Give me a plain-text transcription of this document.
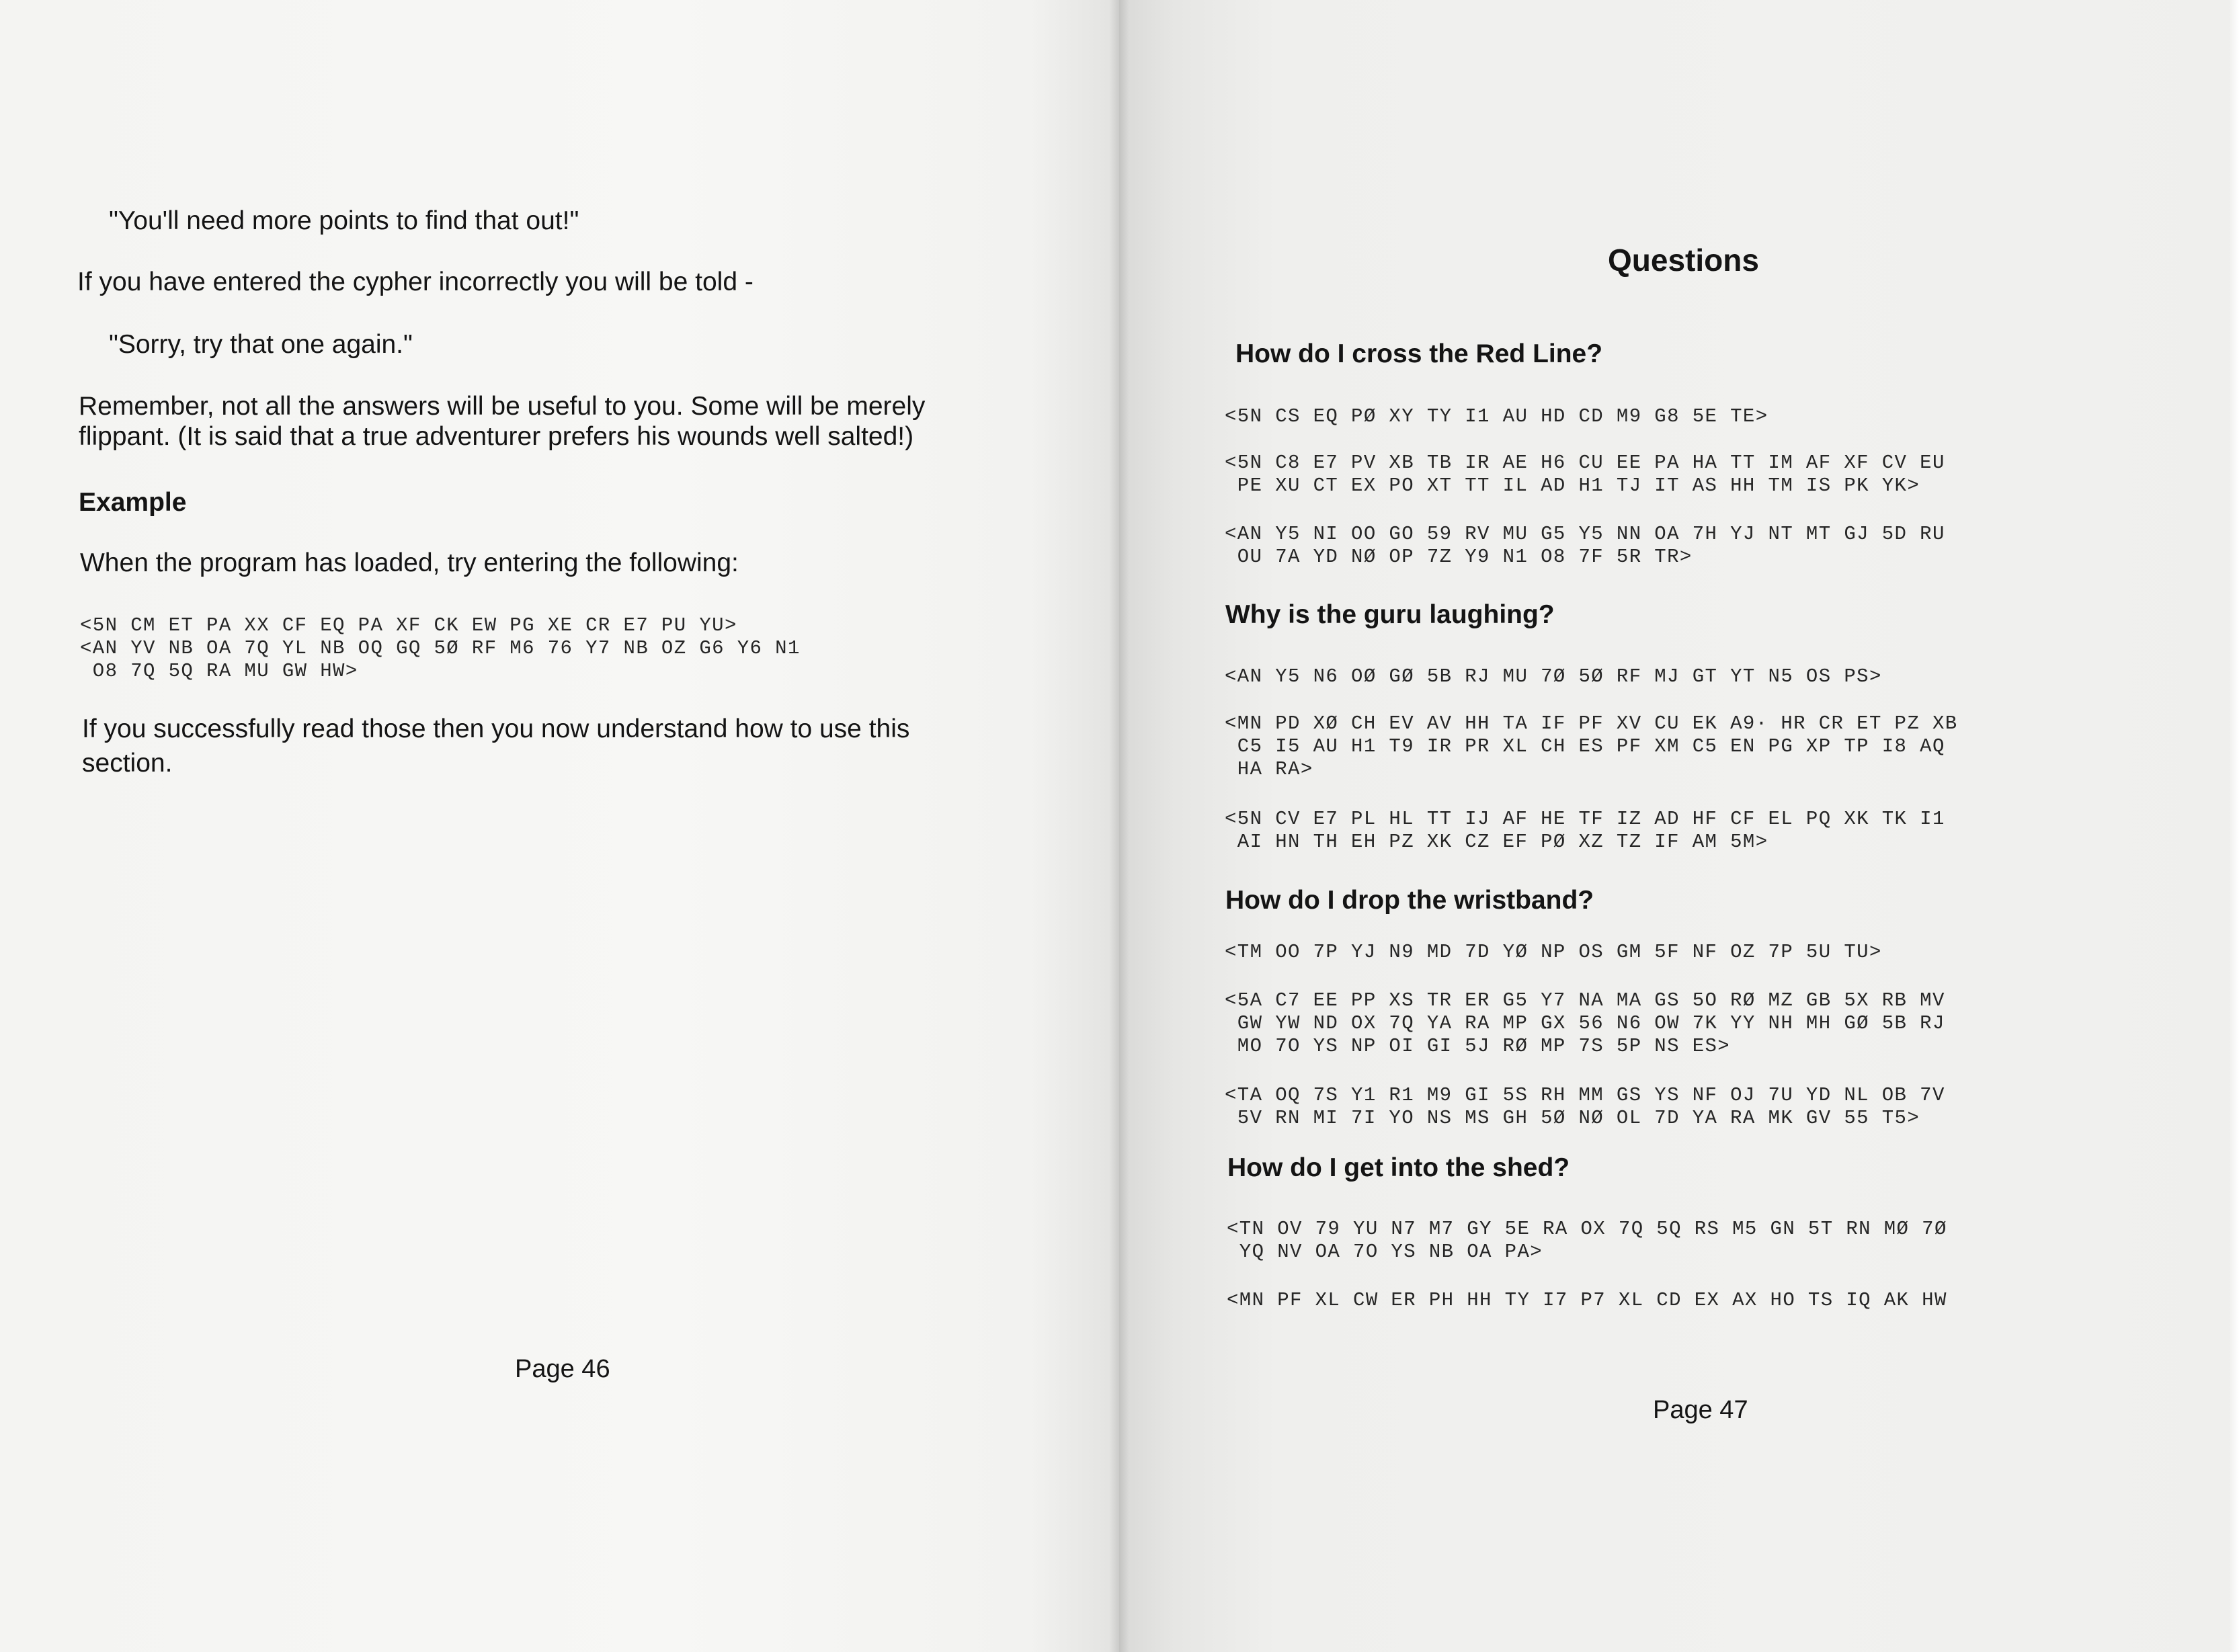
"You'll need more points to find that out!"

If you have entered the cypher incorrectly you will be told -

"Sorry, try that one again."

Remember, not all the answers will be useful to you. Some will be merely

flippant. (It is said that a true adventurer prefers his wounds well salted!)

Example

When the program has loaded, try entering the following:

<5N CM ET PA XX CF EQ PA XF CK EW PG XE CR E7 PU YU>
<AN YV NB OA 7Q YL NB OQ GQ 5Ø RF M6 76 Y7 NB OZ G6 Y6 N1
O8 7Q 5Q RA MU GW HW>

If you successfully read those then you now understand how to use this

section.

Page 46

Questions

How do I cross the Red Line?

<5N CS EQ PØ XY TY I1 AU HD CD M9 G8 5E TE>

<5N C8 E7 PV XB TB IR AE H6 CU EE PA HA TT IM AF XF CV EU
PE XU CT EX PO XT TT IL AD H1 TJ IT AS HH TM IS PK YK>

<AN Y5 NI OO GO 59 RV MU G5 Y5 NN OA 7H YJ NT MT GJ 5D RU
OU 7A YD NØ OP 7Z Y9 N1 O8 7F 5R TR>

Why is the guru laughing?

<AN Y5 N6 OØ GØ 5B RJ MU 7Ø 5Ø RF MJ GT YT N5 OS PS>

<MN PD XØ CH EV AV HH TA IF PF XV CU EK A9· HR CR ET PZ XB
C5 I5 AU H1 T9 IR PR XL CH ES PF XM C5 EN PG XP TP I8 AQ
HA RA>

<5N CV E7 PL HL TT IJ AF HE TF IZ AD HF CF EL PQ XK TK I1
AI HN TH EH PZ XK CZ EF PØ XZ TZ IF AM 5M>

How do I drop the wristband?

<TM OO 7P YJ N9 MD 7D YØ NP OS GM 5F NF OZ 7P 5U TU>

<5A C7 EE PP XS TR ER G5 Y7 NA MA GS 5O RØ MZ GB 5X RB MV
GW YW ND OX 7Q YA RA MP GX 56 N6 OW 7K YY NH MH GØ 5B RJ
MO 7O YS NP OI GI 5J RØ MP 7S 5P NS ES>

<TA OQ 7S Y1 R1 M9 GI 5S RH MM GS YS NF OJ 7U YD NL OB 7V
5V RN MI 7I YO NS MS GH 5Ø NØ OL 7D YA RA MK GV 55 T5>

How do I get into the shed?

<TN OV 79 YU N7 M7 GY 5E RA OX 7Q 5Q RS M5 GN 5T RN MØ 7Ø
YQ NV OA 7O YS NB OA PA>

<MN PF XL CW ER PH HH TY I7 P7 XL CD EX AX HO TS IQ AK HW

Page 47
